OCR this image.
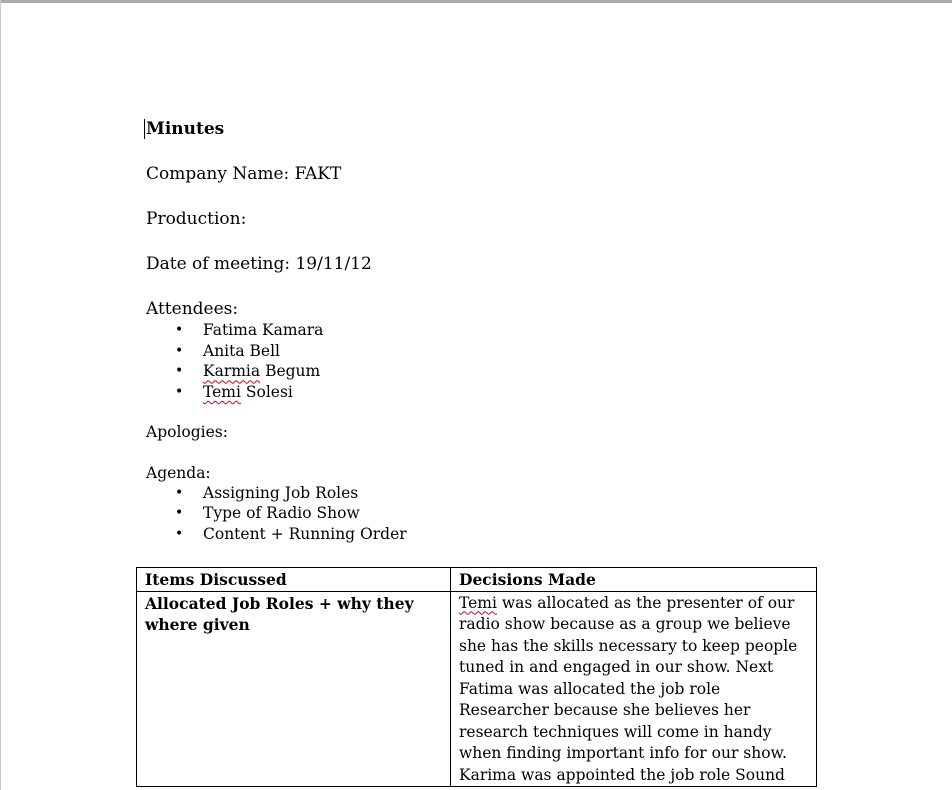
Minutes

Company Name: FAKT

Production:

Date of meeting: 19/11/12

Attendees:

• Fatima Kamara
• Anita Bell
• Karmia Begum
• Temi Solesi

Apologies:

Agenda:

• Assigning Job Roles
• Type of Radio Show
• Content + Running Order
Items Discussed	Decisions Made
Allocated Job Roles + why they where given	Temi was allocated as the presenter of our radio show because as a group we believe she has the skills necessary to keep people tuned in and engaged in our show. Next Fatima was allocated the job role Researcher because she believes her research techniques will come in handy when finding important info for our show. Karima was appointed the job role Sound
